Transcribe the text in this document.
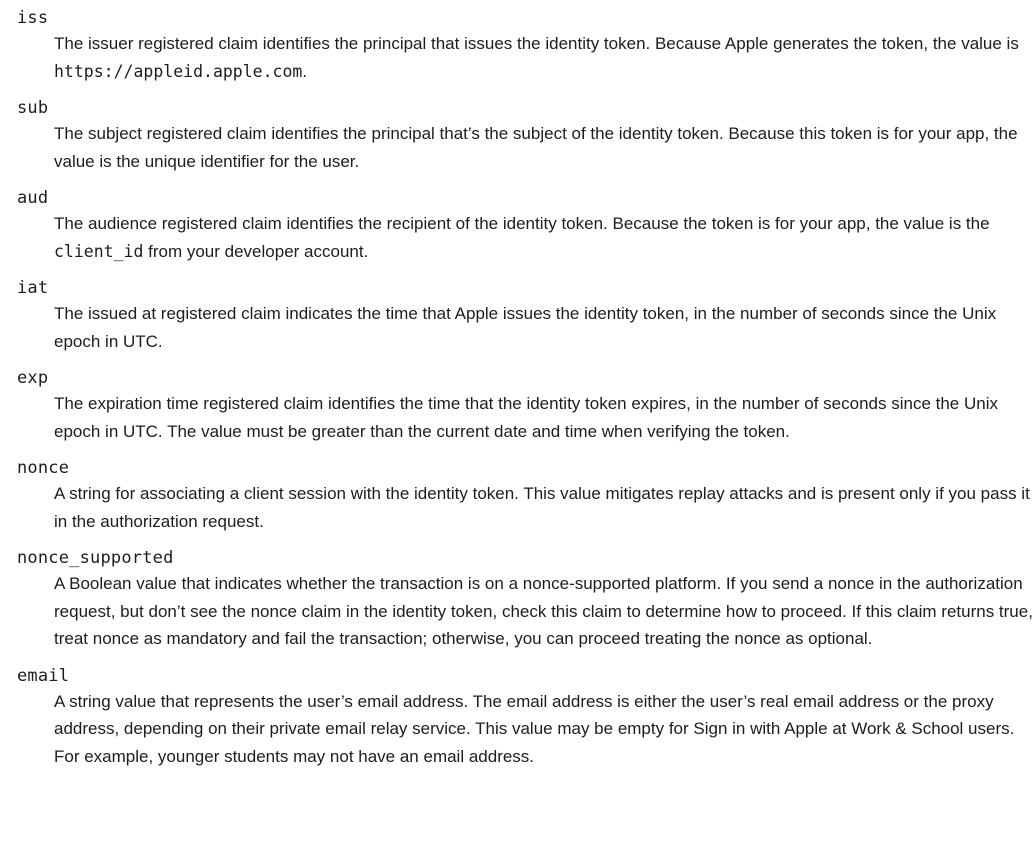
iss
The issuer registered claim identifies the principal that issues the identity token. Because Apple generates the token, the value is https://appleid.apple.com.
sub
The subject registered claim identifies the principal that’s the subject of the identity token. Because this token is for your app, the value is the unique identifier for the user.
aud
The audience registered claim identifies the recipient of the identity token. Because the token is for your app, the value is the client_id from your developer account.
iat
The issued at registered claim indicates the time that Apple issues the identity token, in the number of seconds since the Unix epoch in UTC.
exp
The expiration time registered claim identifies the time that the identity token expires, in the number of seconds since the Unix epoch in UTC. The value must be greater than the current date and time when verifying the token.
nonce
A string for associating a client session with the identity token. This value mitigates replay attacks and is present only if you pass it in the authorization request.
nonce_supported
A Boolean value that indicates whether the transaction is on a nonce-supported platform. If you send a nonce in the authorization request, but don’t see the nonce claim in the identity token, check this claim to determine how to proceed. If this claim returns true, treat nonce as mandatory and fail the transaction; otherwise, you can proceed treating the nonce as optional.
email
A string value that represents the user’s email address. The email address is either the user’s real email address or the proxy address, depending on their private email relay service. This value may be empty for Sign in with Apple at Work & School users. For example, younger students may not have an email address.
